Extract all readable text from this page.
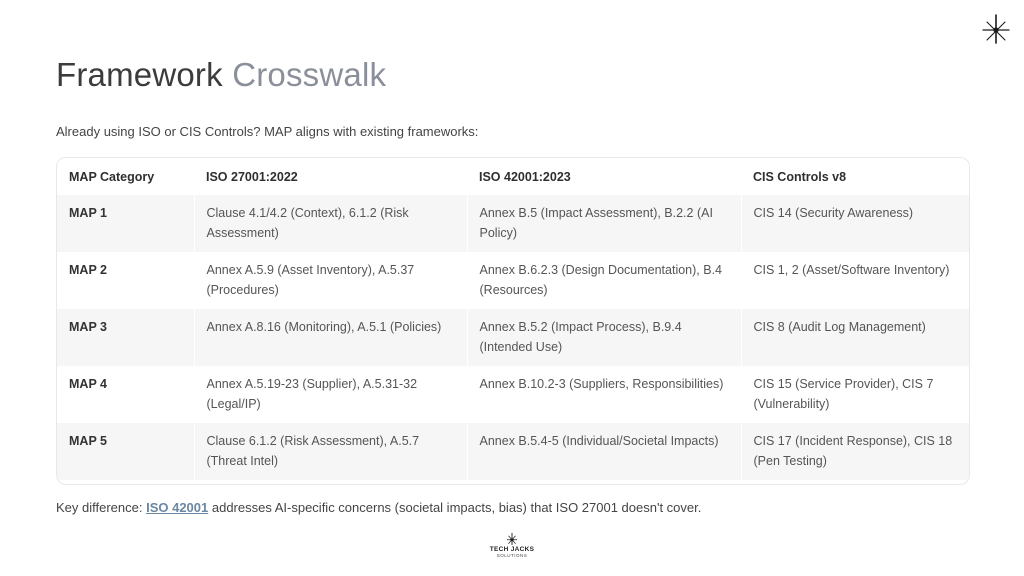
Framework Crosswalk
Already using ISO or CIS Controls? MAP aligns with existing frameworks:
MAP Category	ISO 27001:2022	ISO 42001:2023	CIS Controls v8
MAP 1	Clause 4.1/4.2 (Context), 6.1.2 (Risk Assessment)	Annex B.5 (Impact Assessment), B.2.2 (AI Policy)	CIS 14 (Security Awareness)
MAP 2	Annex A.5.9 (Asset Inventory), A.5.37 (Procedures)	Annex B.6.2.3 (Design Documentation), B.4 (Resources)	CIS 1, 2 (Asset/Software Inventory)
MAP 3	Annex A.8.16 (Monitoring), A.5.1 (Policies)	Annex B.5.2 (Impact Process), B.9.4 (Intended Use)	CIS 8 (Audit Log Management)
MAP 4	Annex A.5.19-23 (Supplier), A.5.31-32 (Legal/IP)	Annex B.10.2-3 (Suppliers, Responsibilities)	CIS 15 (Service Provider), CIS 7 (Vulnerability)
MAP 5	Clause 6.1.2 (Risk Assessment), A.5.7 (Threat Intel)	Annex B.5.4-5 (Individual/Societal Impacts)	CIS 17 (Incident Response), CIS 18 (Pen Testing)
Key difference: ISO 42001 addresses AI-specific concerns (societal impacts, bias) that ISO 27001 doesn't cover.
TECH JACKS
SOLUTIONS
